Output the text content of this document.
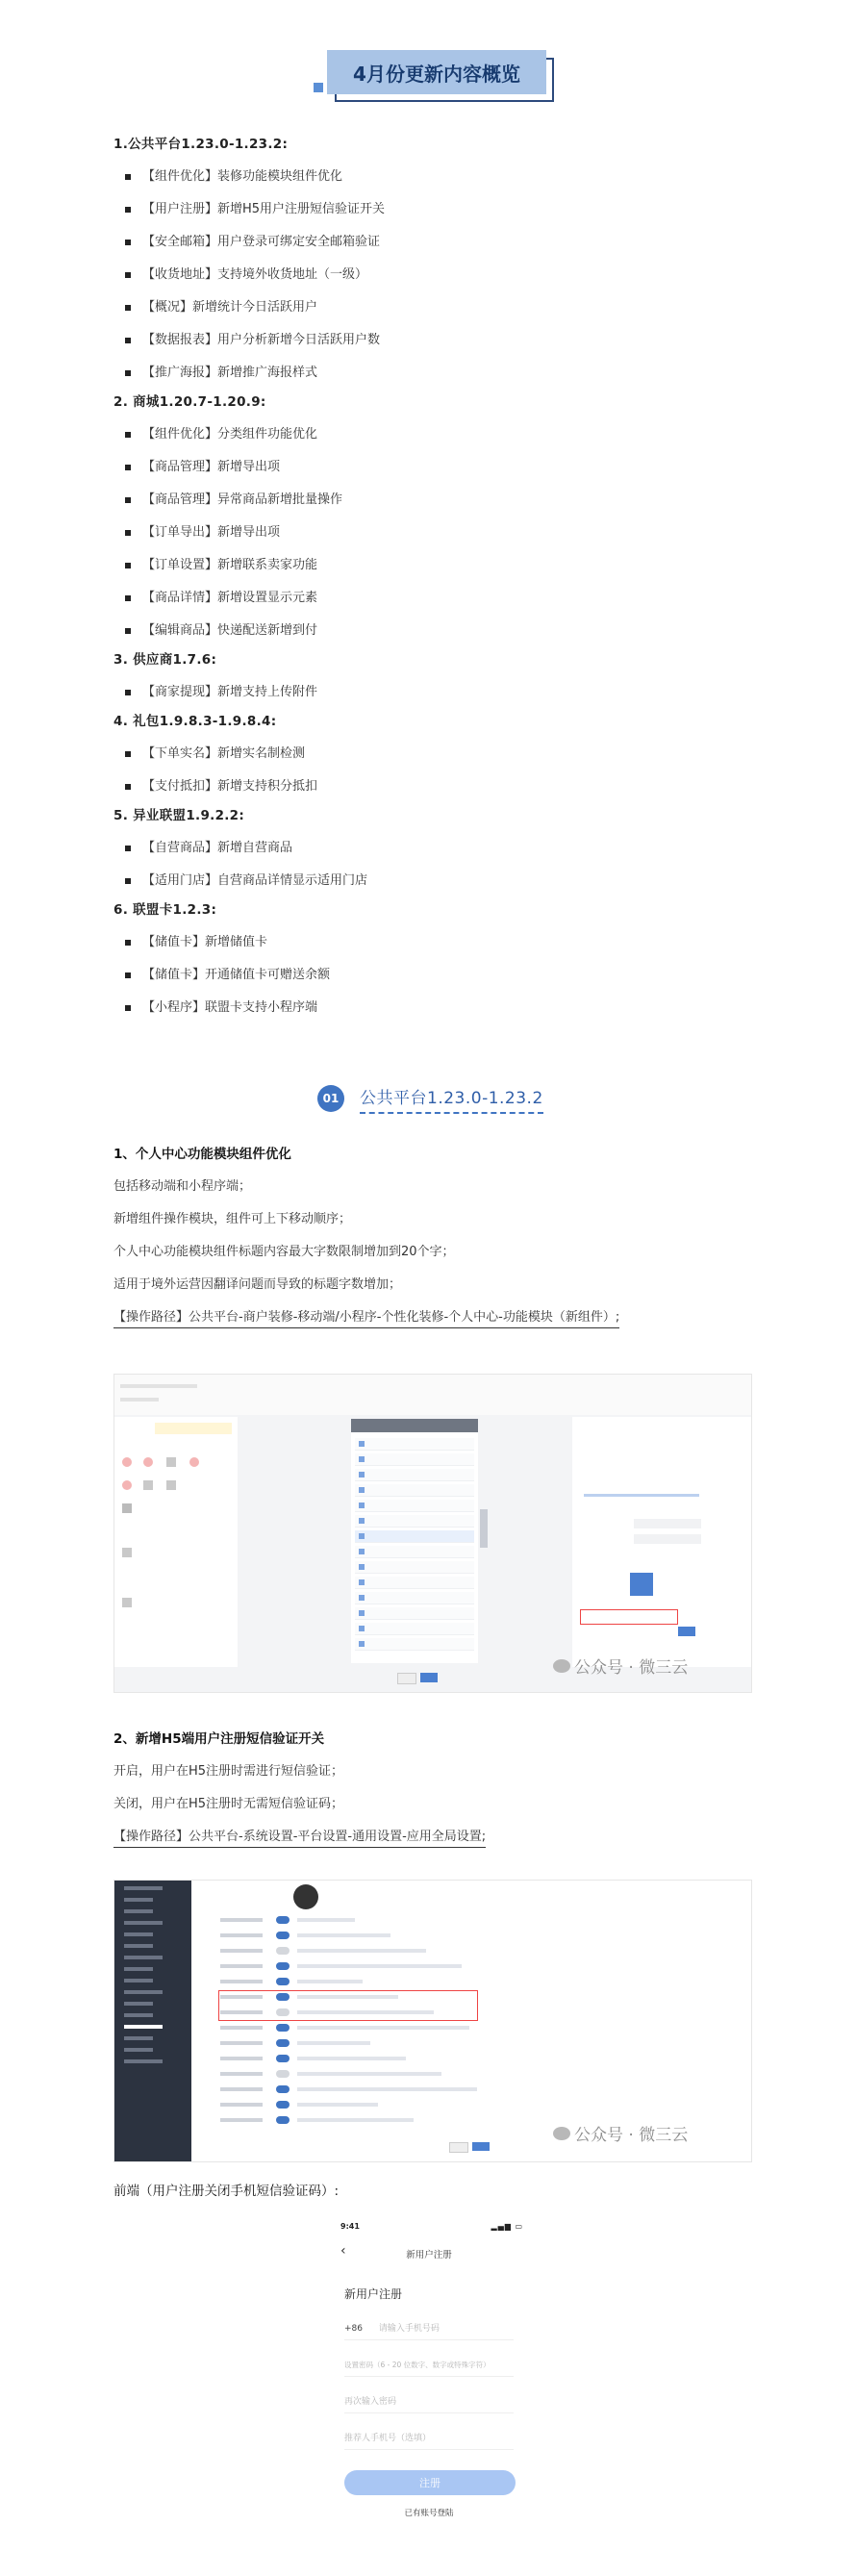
4月份更新内容概览
1.公共平台1.23.0-1.23.2:
【组件优化】装修功能模块组件优化
【用户注册】新增H5用户注册短信验证开关
【安全邮箱】用户登录可绑定安全邮箱验证
【收货地址】支持境外收货地址（一级）
【概况】新增统计今日活跃用户
【数据报表】用户分析新增今日活跃用户数
【推广海报】新增推广海报样式
2. 商城1.20.7-1.20.9:
【组件优化】分类组件功能优化
【商品管理】新增导出项
【商品管理】异常商品新增批量操作
【订单导出】新增导出项
【订单设置】新增联系卖家功能
【商品详情】新增设置显示元素
【编辑商品】快递配送新增到付
3. 供应商1.7.6:
【商家提现】新增支持上传附件
4. 礼包1.9.8.3-1.9.8.4:
【下单实名】新增实名制检测
【支付抵扣】新增支持积分抵扣
5. 异业联盟1.9.2.2:
【自营商品】新增自营商品
【适用门店】自营商品详情显示适用门店
6. 联盟卡1.2.3:
【储值卡】新增储值卡
【储值卡】开通储值卡可赠送余额
【小程序】联盟卡支持小程序端
01	公共平台1.23.0-1.23.2
1、个人中心功能模块组件优化
包括移动端和小程序端；
新增组件操作模块，组件可上下移动顺序；
个人中心功能模块组件标题内容最大字数限制增加到20个字；
适用于境外运营因翻译问题而导致的标题字数增加；
【操作路径】公共平台-商户装修-移动端/小程序-个性化装修-个人中心-功能模块（新组件）;
公众号 · 微三云
2、新增H5端用户注册短信验证开关
开启，用户在H5注册时需进行短信验证；
关闭，用户在H5注册时无需短信验证码；
【操作路径】公共平台-系统设置-平台设置-通用设置-应用全局设置;
公众号 · 微三云
前端（用户注册关闭手机短信验证码）:
9:41	▂▄▆ ▭
‹	新用户注册
新用户注册
+86 请输入手机号码
设置密码（6 - 20 位数字、数字或特殊字符）
再次输入密码
推荐人手机号（选填）
注册
已有账号登陆
